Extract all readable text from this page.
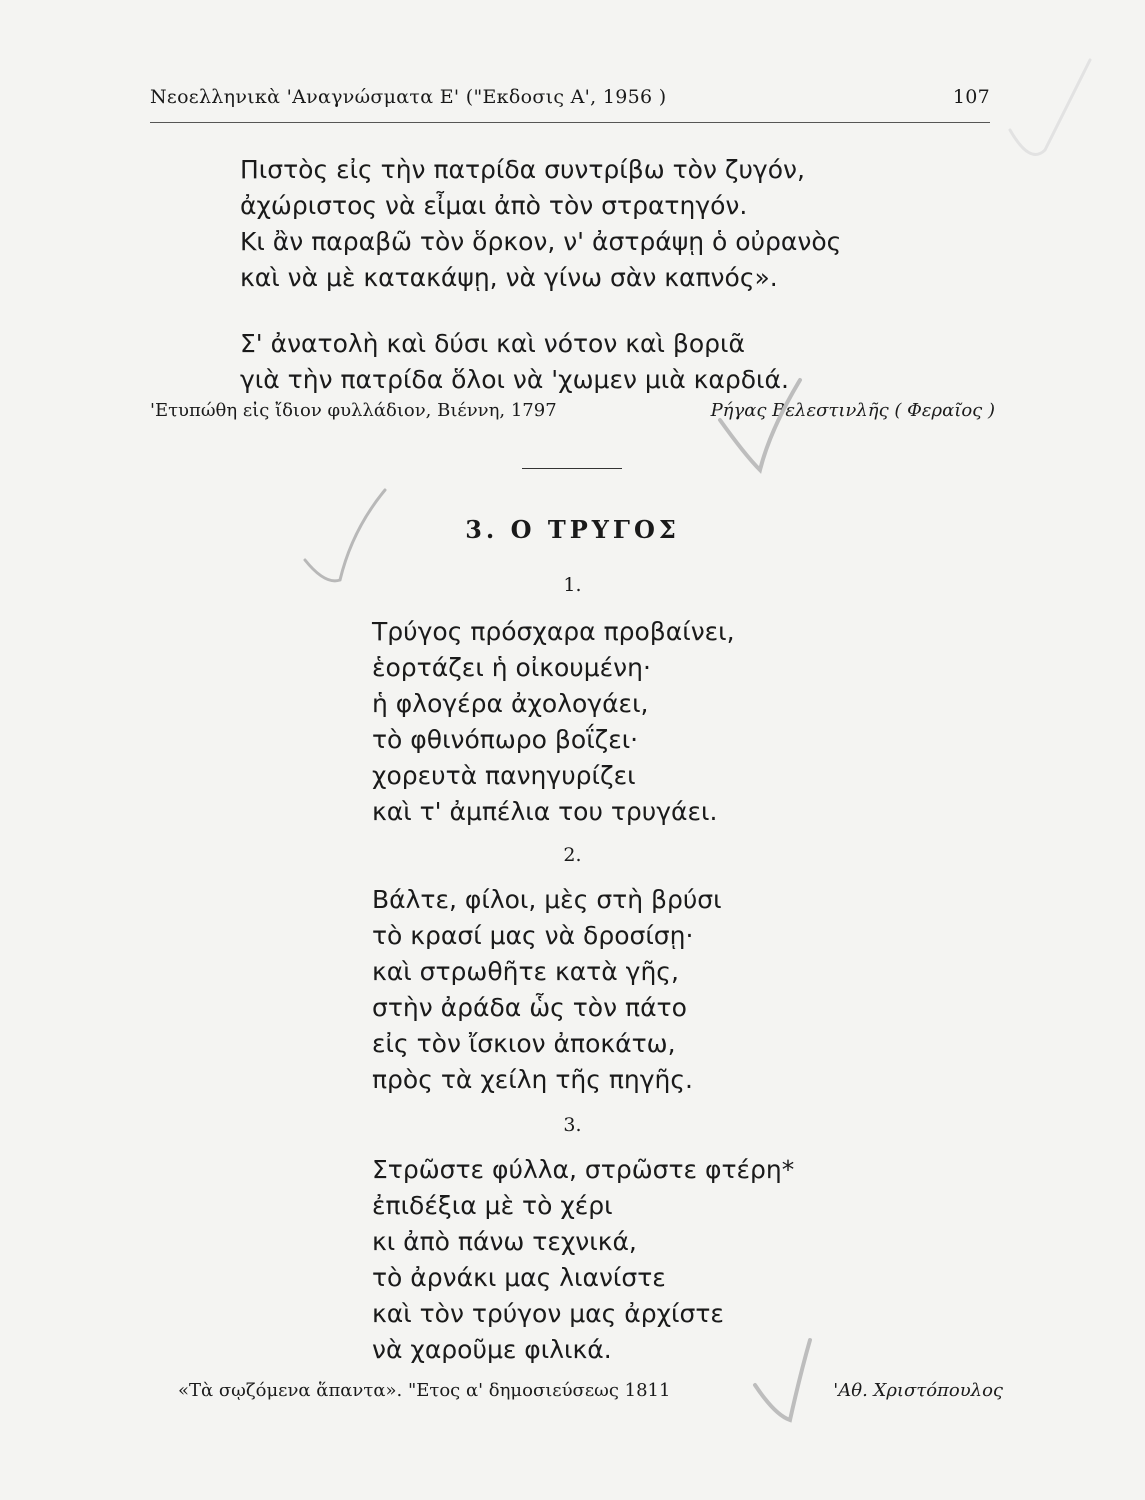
Νεοελληνικὰ 'Αναγνώσματα Ε' ("Εκδοσις Α', 1956 )	107
Πιστὸς εἰς τὴν πατρίδα συντρίβω τὸν ζυγόν,
ἀχώριστος νὰ εἶμαι ἀπὸ τὸν στρατηγόν.
Κι ἂν παραβῶ τὸν ὅρκον, ν' ἀστράψῃ ὁ οὐρανὸς
καὶ νὰ μὲ κατακάψῃ, νὰ γίνω σὰν καπνός».
Σ' ἀνατολὴ καὶ δύσι καὶ νότον καὶ βοριᾶ
γιὰ τὴν πατρίδα ὅλοι νὰ 'χωμεν μιὰ καρδιά.
'Ετυπώθη εἰς ἴδιον φυλλάδιον, Βιέννη, 1797	Ρήγας Βελεστινλῆς ( Φεραῖος )
3. Ο ΤΡΥΓΟΣ
1.
Τρύγος πρόσχαρα προβαίνει,
ἑορτάζει ἡ οἰκουμένη·
ἡ φλογέρα ἀχολογάει,
τὸ φθινόπωρο βοΐζει·
χορευτὰ πανηγυρίζει
καὶ τ' ἀμπέλια του τρυγάει.
2.
Βάλτε, φίλοι, μὲς στὴ βρύσι
τὸ κρασί μας νὰ δροσίσῃ·
καὶ στρωθῆτε κατὰ γῆς,
στὴν ἀράδα ὧς τὸν πάτο
εἰς τὸν ἴσκιον ἀποκάτω,
πρὸς τὰ χείλη τῆς πηγῆς.
3.
Στρῶστε φύλλα, στρῶστε φτέρη*
ἐπιδέξια μὲ τὸ χέρι
κι ἀπὸ πάνω τεχνικά,
τὸ ἀρνάκι μας λιανίστε
καὶ τὸν τρύγον μας ἀρχίστε
νὰ χαροῦμε φιλικά.
«Τὰ σῳζόμενα ἅπαντα». "Ετος α' δημοσιεύσεως 1811	'Αθ. Χριστόπουλος
